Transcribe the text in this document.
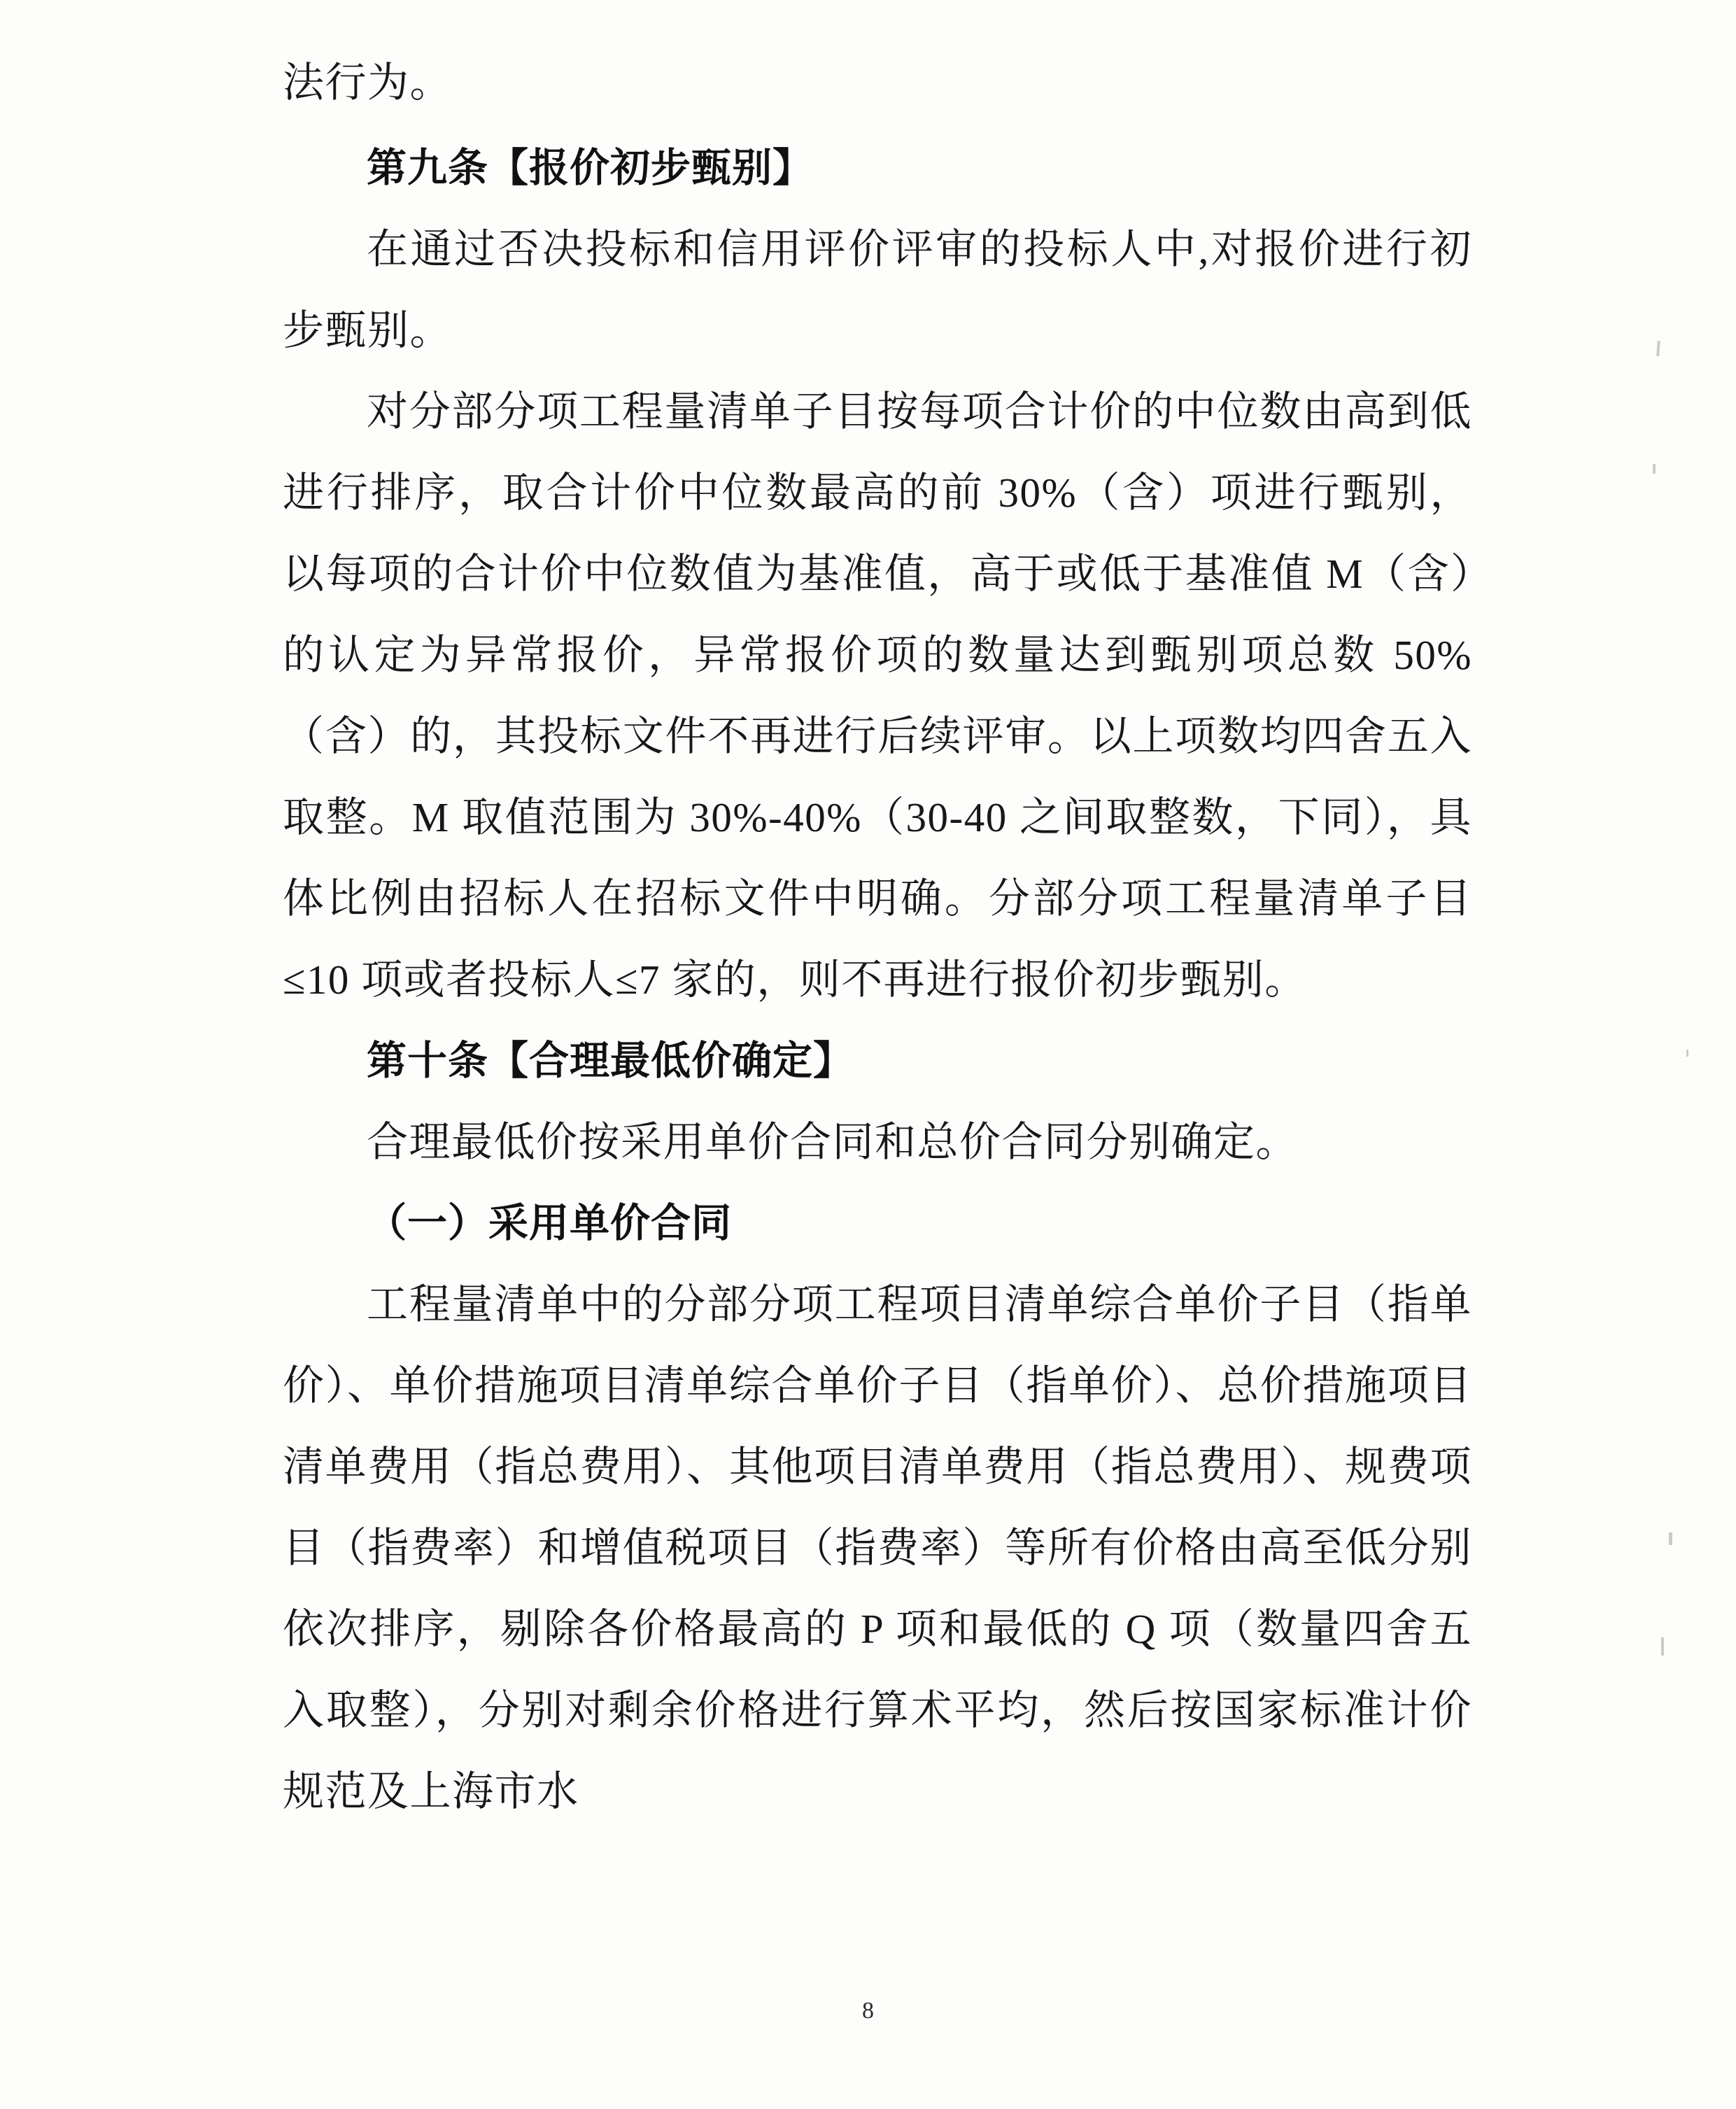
法行为。

第九条【报价初步甄别】

在通过否决投标和信用评价评审的投标人中,对报价进行初步甄别。

对分部分项工程量清单子目按每项合计价的中位数由高到低进行排序，取合计价中位数最高的前 30%（含）项进行甄别，以每项的合计价中位数值为基准值，高于或低于基准值 M（含）的认定为异常报价，异常报价项的数量达到甄别项总数 50%（含）的，其投标文件不再进行后续评审。以上项数均四舍五入取整。M 取值范围为 30%-40%（30-40 之间取整数，下同），具体比例由招标人在招标文件中明确。分部分项工程量清单子目≤10 项或者投标人≤7 家的，则不再进行报价初步甄别。

第十条【合理最低价确定】

合理最低价按采用单价合同和总价合同分别确定。

（一）采用单价合同

工程量清单中的分部分项工程项目清单综合单价子目（指单价）、单价措施项目清单综合单价子目（指单价）、总价措施项目清单费用（指总费用）、其他项目清单费用（指总费用）、规费项目（指费率）和增值税项目（指费率）等所有价格由高至低分别依次排序，剔除各价格最高的 P 项和最低的 Q 项（数量四舍五入取整），分别对剩余价格进行算术平均，然后按国家标准计价规范及上海市水

8
